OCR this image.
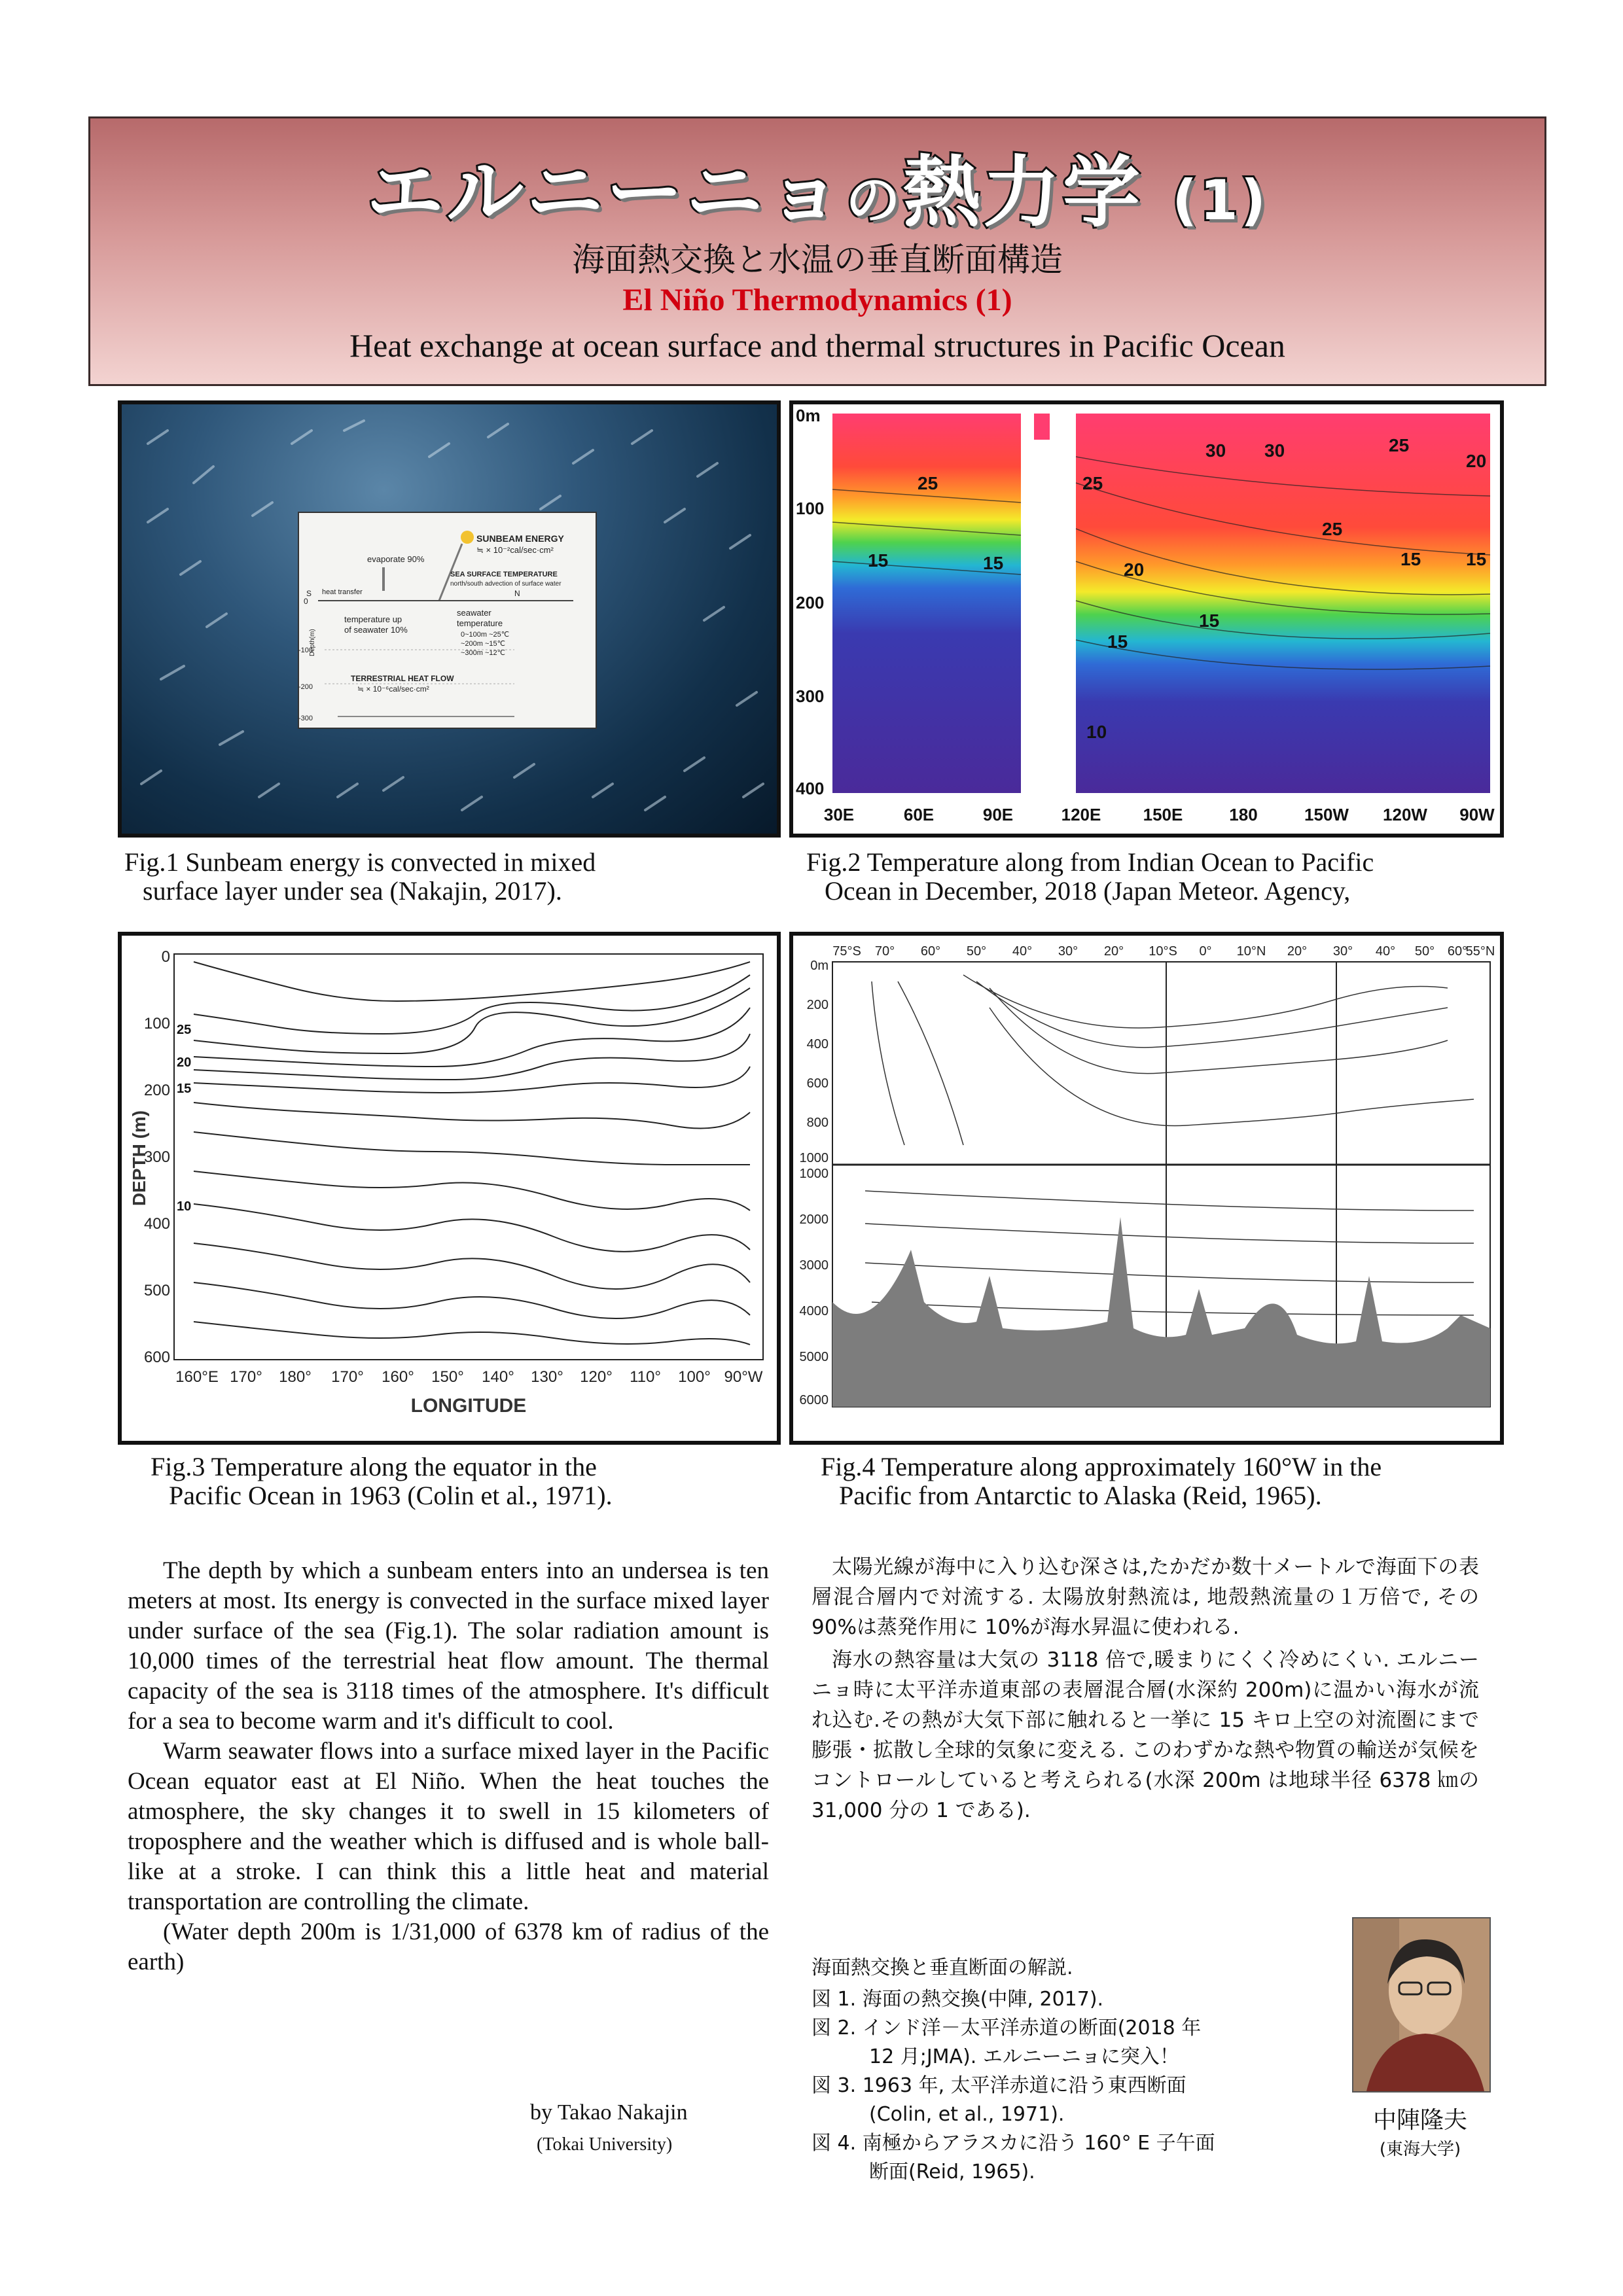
エルニーニョの熱力学 (1)
海面熱交換と水温の垂直断面構造
El Niño Thermodynamics (1)
Heat exchange at ocean surface and thermal structures in Pacific Ocean
SUNBEAM ENERGY
≒ × 10⁻²cal/sec·cm²
evaporate 90%
SEA SURFACE TEMPERATURE
north/south advection of surface water
heat transfer
S	N
0
seawater
temperature
0~100m ~25℃
~200m ~15℃
~300m ~12℃
temperature up
of seawater 10%
-100
TERRESTRIAL HEAT FLOW
≒ × 10⁻⁶cal/sec·cm²
-200
-300
Depth(m)
30 30
25	25
25
20
25
20
15	15	15 15
15
15
10
0m
100
200
300
400
30E	60E	90E	120E 150E	180	150W 120W 90W
Fig.1 Sunbeam energy is convected in mixed
surface layer under sea (Nakajin, 2017).
Fig.2 Temperature along from Indian Ocean to Pacific
Ocean in December, 2018 (Japan Meteor. Agency,
25
20
15
10
DEPTH (m)
0
100
200
300
400
500
600
160°E 170° 180° 170° 160° 150° 140° 130° 120° 110° 100° 90°W
LONGITUDE
75°S 70° 60° 50° 40° 30° 20° 10°S 0° 10°N 20° 30° 40° 50° 60°
55°N
0m
200
400
600
800
1000
1000
2000
3000
4000
5000
6000
Fig.3 Temperature along the equator in the
Pacific Ocean in 1963 (Colin et al., 1971).
Fig.4 Temperature along approximately 160°W in the
Pacific from Antarctic to Alaska (Reid, 1965).

The depth by which a sunbeam enters into an undersea is ten meters at most. Its energy is convected in the surface mixed layer under surface of the sea (Fig.1). The solar radiation amount is 10,000 times of the terrestrial heat flow amount. The thermal capacity of the sea is 3118 times of the atmosphere. It's difficult for a sea to become warm and it's difficult to cool.

Warm seawater flows into a surface mixed layer in the Pacific Ocean equator east at El Niño. When the heat touches the atmosphere, the sky changes it to swell in 15 kilometers of troposphere and the weather which is diffused and is whole ball-like at a stroke. I can think this a little heat and material transportation are controlling the climate.

(Water depth 200m is 1/31,000 of 6378 km of radius of the earth)

by Takao Nakajin
(Tokai University)

太陽光線が海中に入り込む深さは,たかだか数十メートルで海面下の表層混合層内で対流する. 太陽放射熱流は, 地殻熱流量の１万倍で, その 90%は蒸発作用に 10%が海水昇温に使われる.

海水の熱容量は大気の 3118 倍で,暖まりにくく冷めにくい. エルニーニョ時に太平洋赤道東部の表層混合層(水深約 200m)に温かい海水が流れ込む.その熱が大気下部に触れると一挙に 15 キロ上空の対流圏にまで膨張・拡散し全球的気象に変える. このわずかな熱や物質の輸送が気候をコントロールしていると考えられる(水深 200m は地球半径 6378 ㎞の 31,000 分の 1 である).

海面熱交換と垂直断面の解説.
図 1. 海面の熱交換(中陣, 2017).
図 2. インド洋－太平洋赤道の断面(2018 年
12 月;JMA). エルニーニョに突入！
図 3. 1963 年, 太平洋赤道に沿う東西断面
(Colin, et al., 1971).
図 4. 南極からアラスカに沿う 160° E 子午面
断面(Reid, 1965).
中陣隆夫
(東海大学)
